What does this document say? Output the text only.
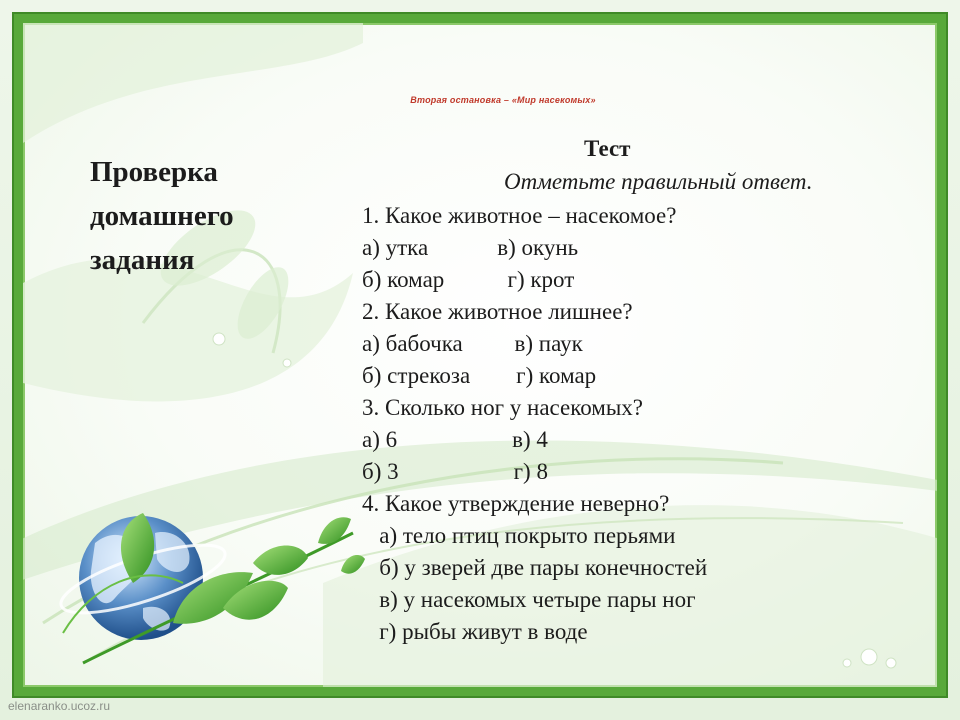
Вторая остановка – «Мир насекомых»
Проверка
домашнего
задания
Тест
Отметьте правильный ответ.
1. Какое животное – насекомое?
а) утка            в) окунь
б) комар           г) крот
2. Какое животное лишнее?
а) бабочка         в) паук
б) стрекоза        г) комар
3. Сколько ног у насекомых?
а) 6                    в) 4
б) 3                    г) 8
4. Какое утверждение неверно?
а) тело птиц покрыто перьями
б) у зверей две пары конечностей
в) у насекомых четыре пары ног
г) рыбы живут в воде
elenaranko.ucoz.ru
